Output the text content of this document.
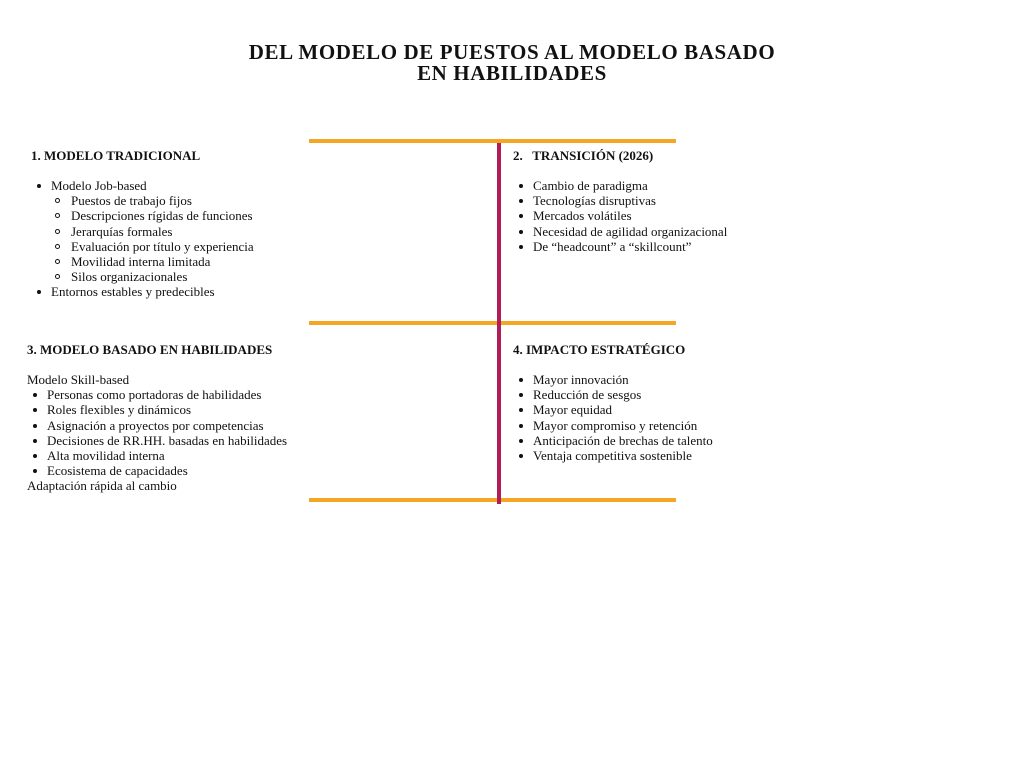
DEL MODELO DE PUESTOS AL MODELO BASADO
EN HABILIDADES
1. MODELO TRADICIONAL
Modelo Job-based
Puestos de trabajo fijos
Descripciones rígidas de funciones
Jerarquías formales
Evaluación por título y experiencia
Movilidad interna limitada
Silos organizacionales
Entornos estables y predecibles
2.   TRANSICIÓN (2026)
Cambio de paradigma
Tecnologías disruptivas
Mercados volátiles
Necesidad de agilidad organizacional
De “headcount” a “skillcount”
3. MODELO BASADO EN HABILIDADES
Modelo Skill-based
Personas como portadoras de habilidades
Roles flexibles y dinámicos
Asignación a proyectos por competencias
Decisiones de RR.HH. basadas en habilidades
Alta movilidad interna
Ecosistema de capacidades
Adaptación rápida al cambio
4. IMPACTO ESTRATÉGICO
Mayor innovación
Reducción de sesgos
Mayor equidad
Mayor compromiso y retención
Anticipación de brechas de talento
Ventaja competitiva sostenible
